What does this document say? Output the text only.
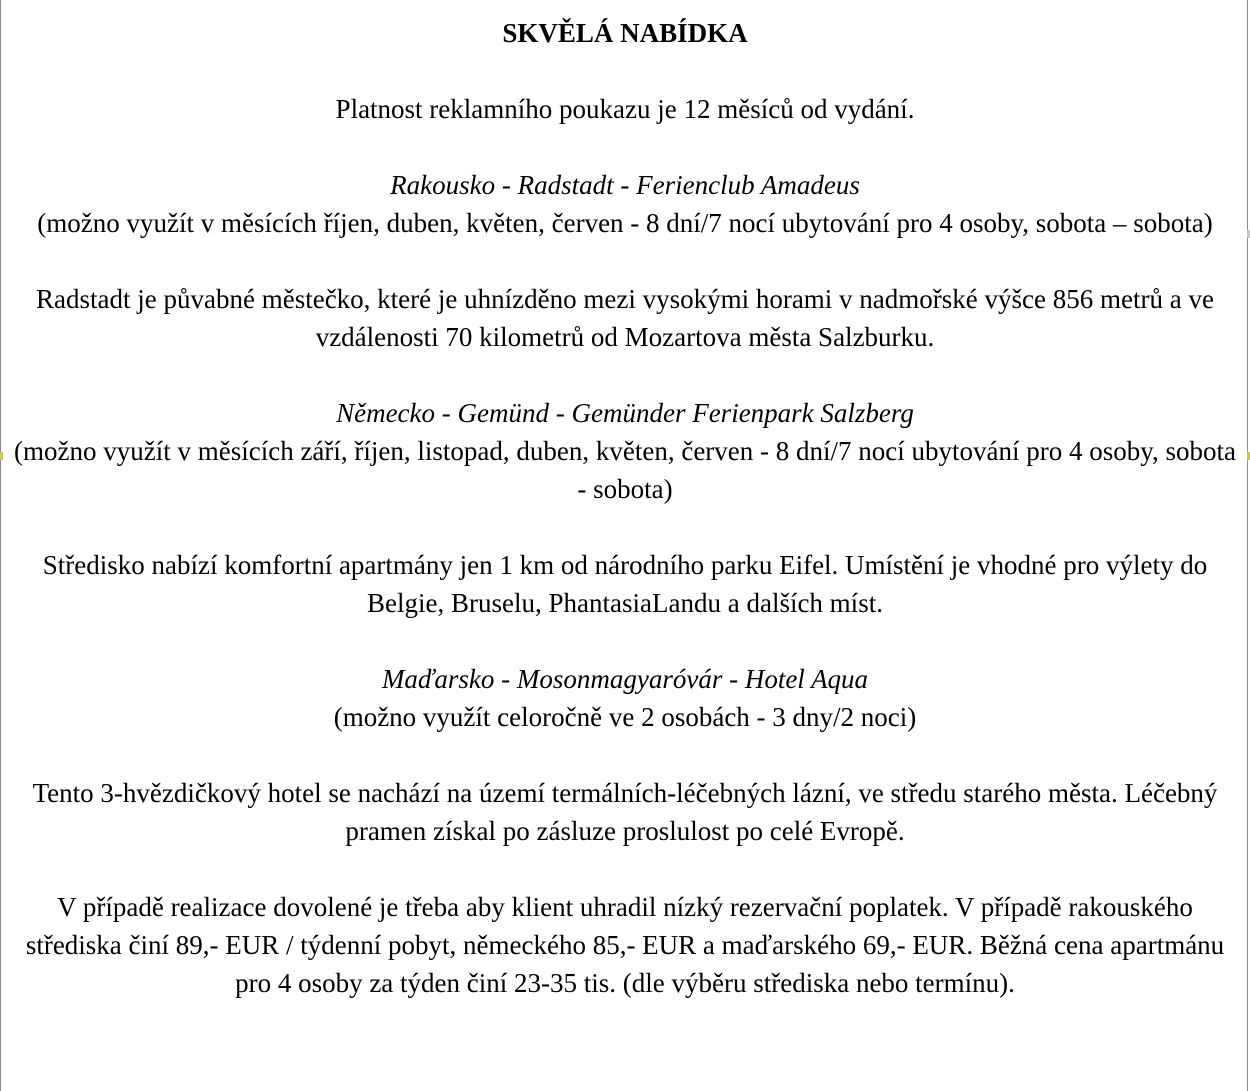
SKVĚLÁ NABÍDKA
Platnost reklamního poukazu je 12 měsíců od vydání.
Rakousko - Radstadt - Ferienclub Amadeus
(možno využít v měsících říjen, duben, květen, červen - 8 dní/7 nocí ubytování pro 4 osoby, sobota – sobota)
Radstadt je půvabné městečko, které je uhnízděno mezi vysokými horami v nadmořské výšce 856 metrů a ve vzdálenosti 70 kilometrů od Mozartova města Salzburku.
Německo - Gemünd - Gemünder Ferienpark Salzberg
(možno využít v měsících září, říjen, listopad, duben, květen, červen - 8 dní/7 nocí ubytování pro 4 osoby, sobota - sobota)
Středisko nabízí komfortní apartmány jen 1 km od národního parku Eifel. Umístění je vhodné pro výlety do Belgie, Bruselu, PhantasiaLandu a dalších míst.
Maďarsko - Mosonmagyaróvár - Hotel Aqua
(možno využít celoročně ve 2 osobách - 3 dny/2 noci)
Tento 3-hvězdičkový hotel se nachází na území termálních-léčebných lázní, ve středu starého města. Léčebný pramen získal po zásluze proslulost po celé Evropě.
V případě realizace dovolené je třeba aby klient uhradil nízký rezervační poplatek. V případě rakouského střediska činí 89,- EUR / týdenní pobyt, německého 85,- EUR a maďarského 69,- EUR. Běžná cena apartmánu pro 4 osoby za týden činí 23-35 tis. (dle výběru střediska nebo termínu).
